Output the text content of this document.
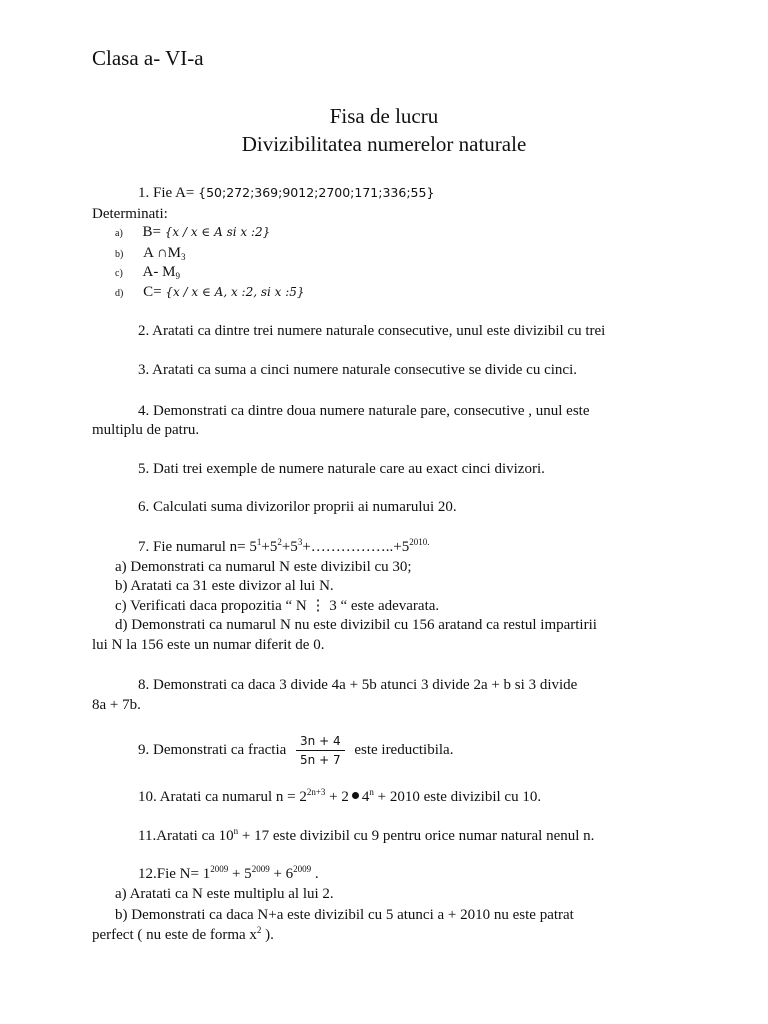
Clasa a- VI-a
Fisa de lucru
Divizibilitatea numerelor naturale
1. Fie A= {50;272;369;9012;2700;171;336;55}
Determinati:
a) B= {x / x ∈ A si x :2}
b) A $\cap M_3$
c) A- $M_9$
d) C= {x / x ∈ A, x :2, si x :5}
2. Aratati ca dintre trei numere naturale consecutive, unul este divizibil cu trei
3. Aratati ca suma a cinci numere naturale consecutive se divide cu cinci.
4. Demonstrati ca dintre doua numere naturale pare, consecutive , unul este
multiplu de patru.
5. Dati trei exemple de numere naturale care au exact cinci divizori.
6. Calculati suma divizorilor proprii ai numarului 20.
7. Fie numarul $n= 5^1+5^2+5^3+\dots\dots\dots\dots\dots..+5^{2010.}$
a) Demonstrati ca numarul N este divizibil cu 30;
b) Aratati ca 31 este divizor al lui N.
c) Verificati daca propozitia “ N ⋮ 3 “ este adevarata.
d) Demonstrati ca numarul N nu este divizibil cu 156 aratand ca restul impartirii
lui N la 156 este un numar diferit de 0.
8. Demonstrati ca daca 3 divide 4a + 5b atunci 3 divide 2a + b si 3 divide
8a + 7b.
9. Demonstrati ca fractia $\frac{3n + 4}{5n + 7}$ este ireductibila.
10. Aratati ca numarul $n = 2^{2n+3} + 2$ $4^n + 2010$ este divizibil cu 10.
11.Aratati ca $10^n + 17$ este divizibil cu 9 pentru orice numar natural nenul n.
12.Fie $N= 1^{2009} + 5^{2009} + 6^{2009}$ .
a) Aratati ca N este multiplu al lui 2.
b) Demonstrati ca daca N+a este divizibil cu 5 atunci a + 2010 nu este patrat
perfect ( nu este de forma $x^2$ ).
